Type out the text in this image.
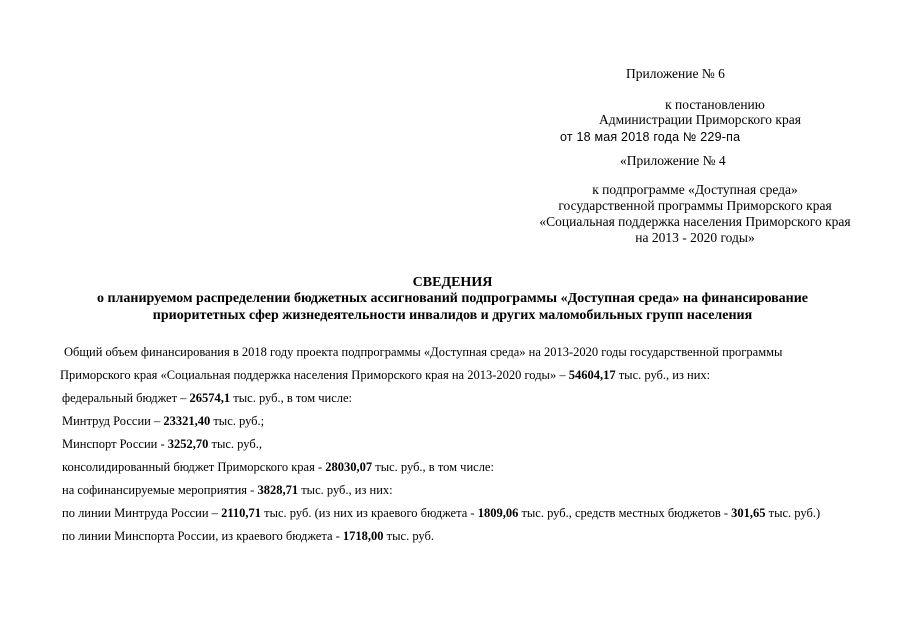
Приложение № 6
к постановлению
Администрации Приморского края
от 18 мая 2018 года № 229-па
«Приложение № 4
к подпрограмме «Доступная среда»
государственной программы Приморского края
«Социальная поддержка населения Приморского края
на 2013 - 2020 годы»
СВЕДЕНИЯ
о планируемом распределении бюджетных ассигнований подпрограммы «Доступная среда» на финансирование
приоритетных сфер жизнедеятельности инвалидов и других маломобильных групп населения
Общий объем финансирования в 2018 году проекта подпрограммы «Доступная среда» на 2013-2020 годы государственной программы
Приморского края «Социальная поддержка населения Приморского края на 2013-2020 годы» – 54604,17 тыс. руб., из них:
федеральный бюджет – 26574,1 тыс. руб., в том числе:
Минтруд России – 23321,40 тыс. руб.;
Минспорт России - 3252,70 тыс. руб.,
консолидированный бюджет Приморского края - 28030,07 тыс. руб., в том числе:
на софинансируемые мероприятия - 3828,71 тыс. руб., из них:
по линии Минтруда России – 2110,71 тыс. руб. (из них из краевого бюджета - 1809,06 тыс. руб., средств местных бюджетов - 301,65 тыс. руб.)
по линии Минспорта России, из краевого бюджета - 1718,00 тыс. руб.
